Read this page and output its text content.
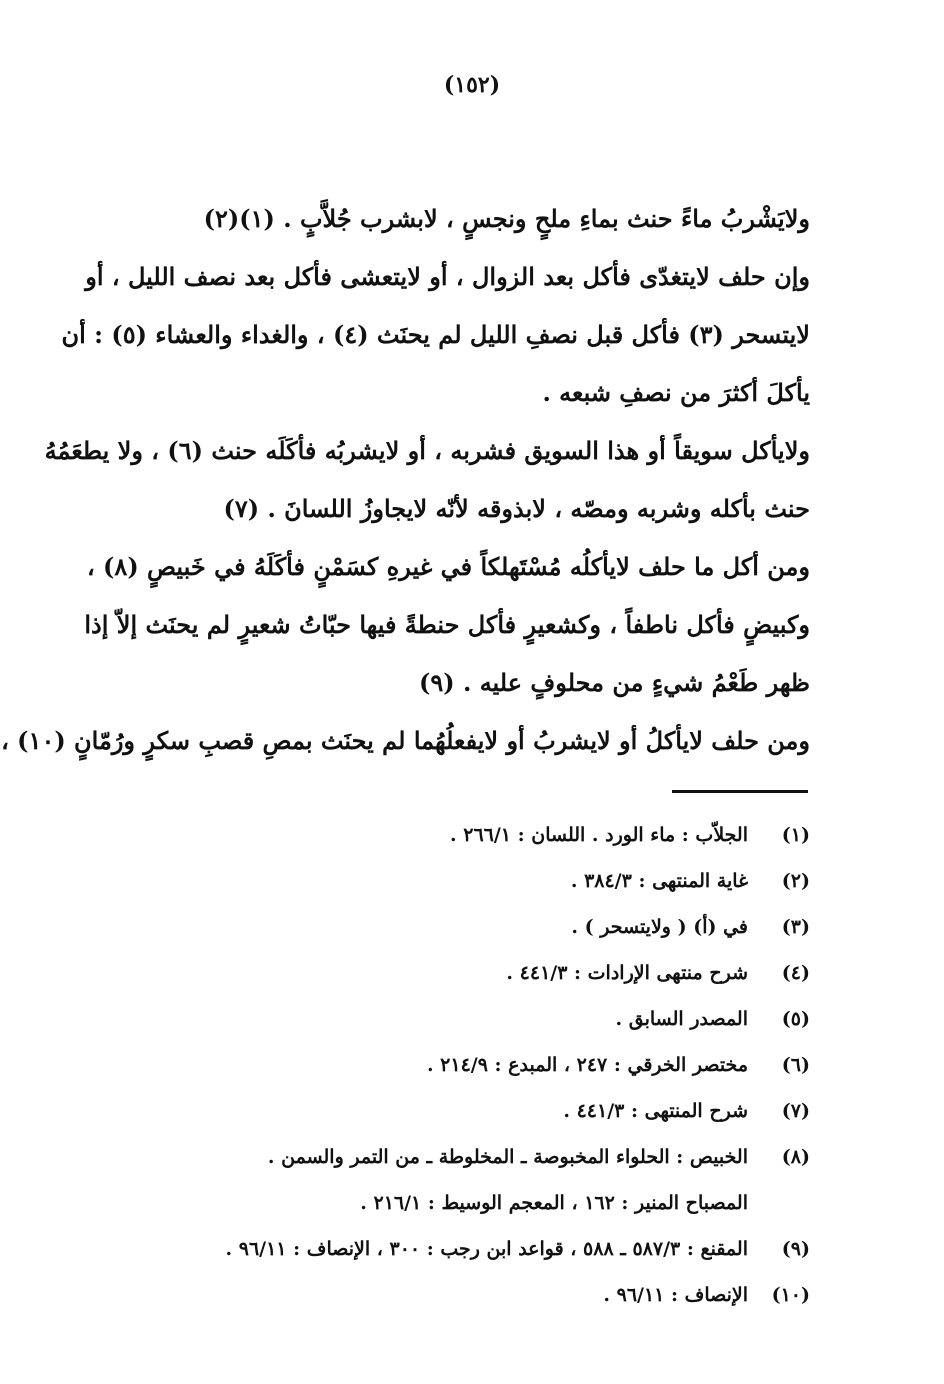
(١٥٢)
ولايَشْربُ ماءً حنث بماءِ ملحٍ ونجسٍ ، لابشرب جُلاَّبٍ . (١)(٢)
وإن حلف لايتغدّى فأكل بعد الزوال ، أو لايتعشى فأكل بعد نصف الليل ، أو
لايتسحر (٣) فأكل قبل نصفِ الليل لم يحنَث (٤) ، والغداء والعشاء (٥) : أن
يأكلَ أكثرَ من نصفِ شبعه .
ولايأكل سويقاً أو هذا السويق فشربه ، أو لايشربُه فأكَلَه حنث (٦) ، ولا يطعَمُهُ
حنث بأكله وشربه ومصّه ، لابذوقه لأنّه لايجاوزُ اللسانَ . (٧)
ومن أكل ما حلف لايأكلُه مُسْتَهلكاً في غيرهِ كسَمْنٍ فأكَلَهُ في خَبيصٍ (٨) ،
وكبيضٍ فأكل ناطفاً ، وكشعيرٍ فأكل حنطةً فيها حبّاتُ شعيرٍ لم يحنَث إلاّ إذا
ظهر طَعْمُ شيءٍ من محلوفٍ عليه . (٩)
ومن حلف لايأكلُ أو لايشربُ أو لايفعلُهُما لم يحنَث بمصِ قصبِ سكرٍ ورُمّانٍ (١٠) ،
(١)
الجلاّب : ماء الورد . اللسان : ٢٦٦/١ .
(٢)
غاية المنتهى : ٣٨٤/٣ .
(٣)
في (أ) ( ولايتسحر ) .
(٤)
شرح منتهى الإرادات : ٤٤١/٣ .
(٥)
المصدر السابق .
(٦)
مختصر الخرقي : ٢٤٧ ، المبدع : ٢١٤/٩ .
(٧)
شرح المنتهى : ٤٤١/٣ .
(٨)
الخبيص : الحلواء المخبوصة ـ المخلوطة ـ من التمر والسمن .
المصباح المنير : ١٦٢ ، المعجم الوسيط : ٢١٦/١ .
(٩)
المقنع : ٥٨٧/٣ ـ ٥٨٨ ، قواعد ابن رجب : ٣٠٠ ، الإنصاف : ٩٦/١١ .
(١٠)
الإنصاف : ٩٦/١١ .
